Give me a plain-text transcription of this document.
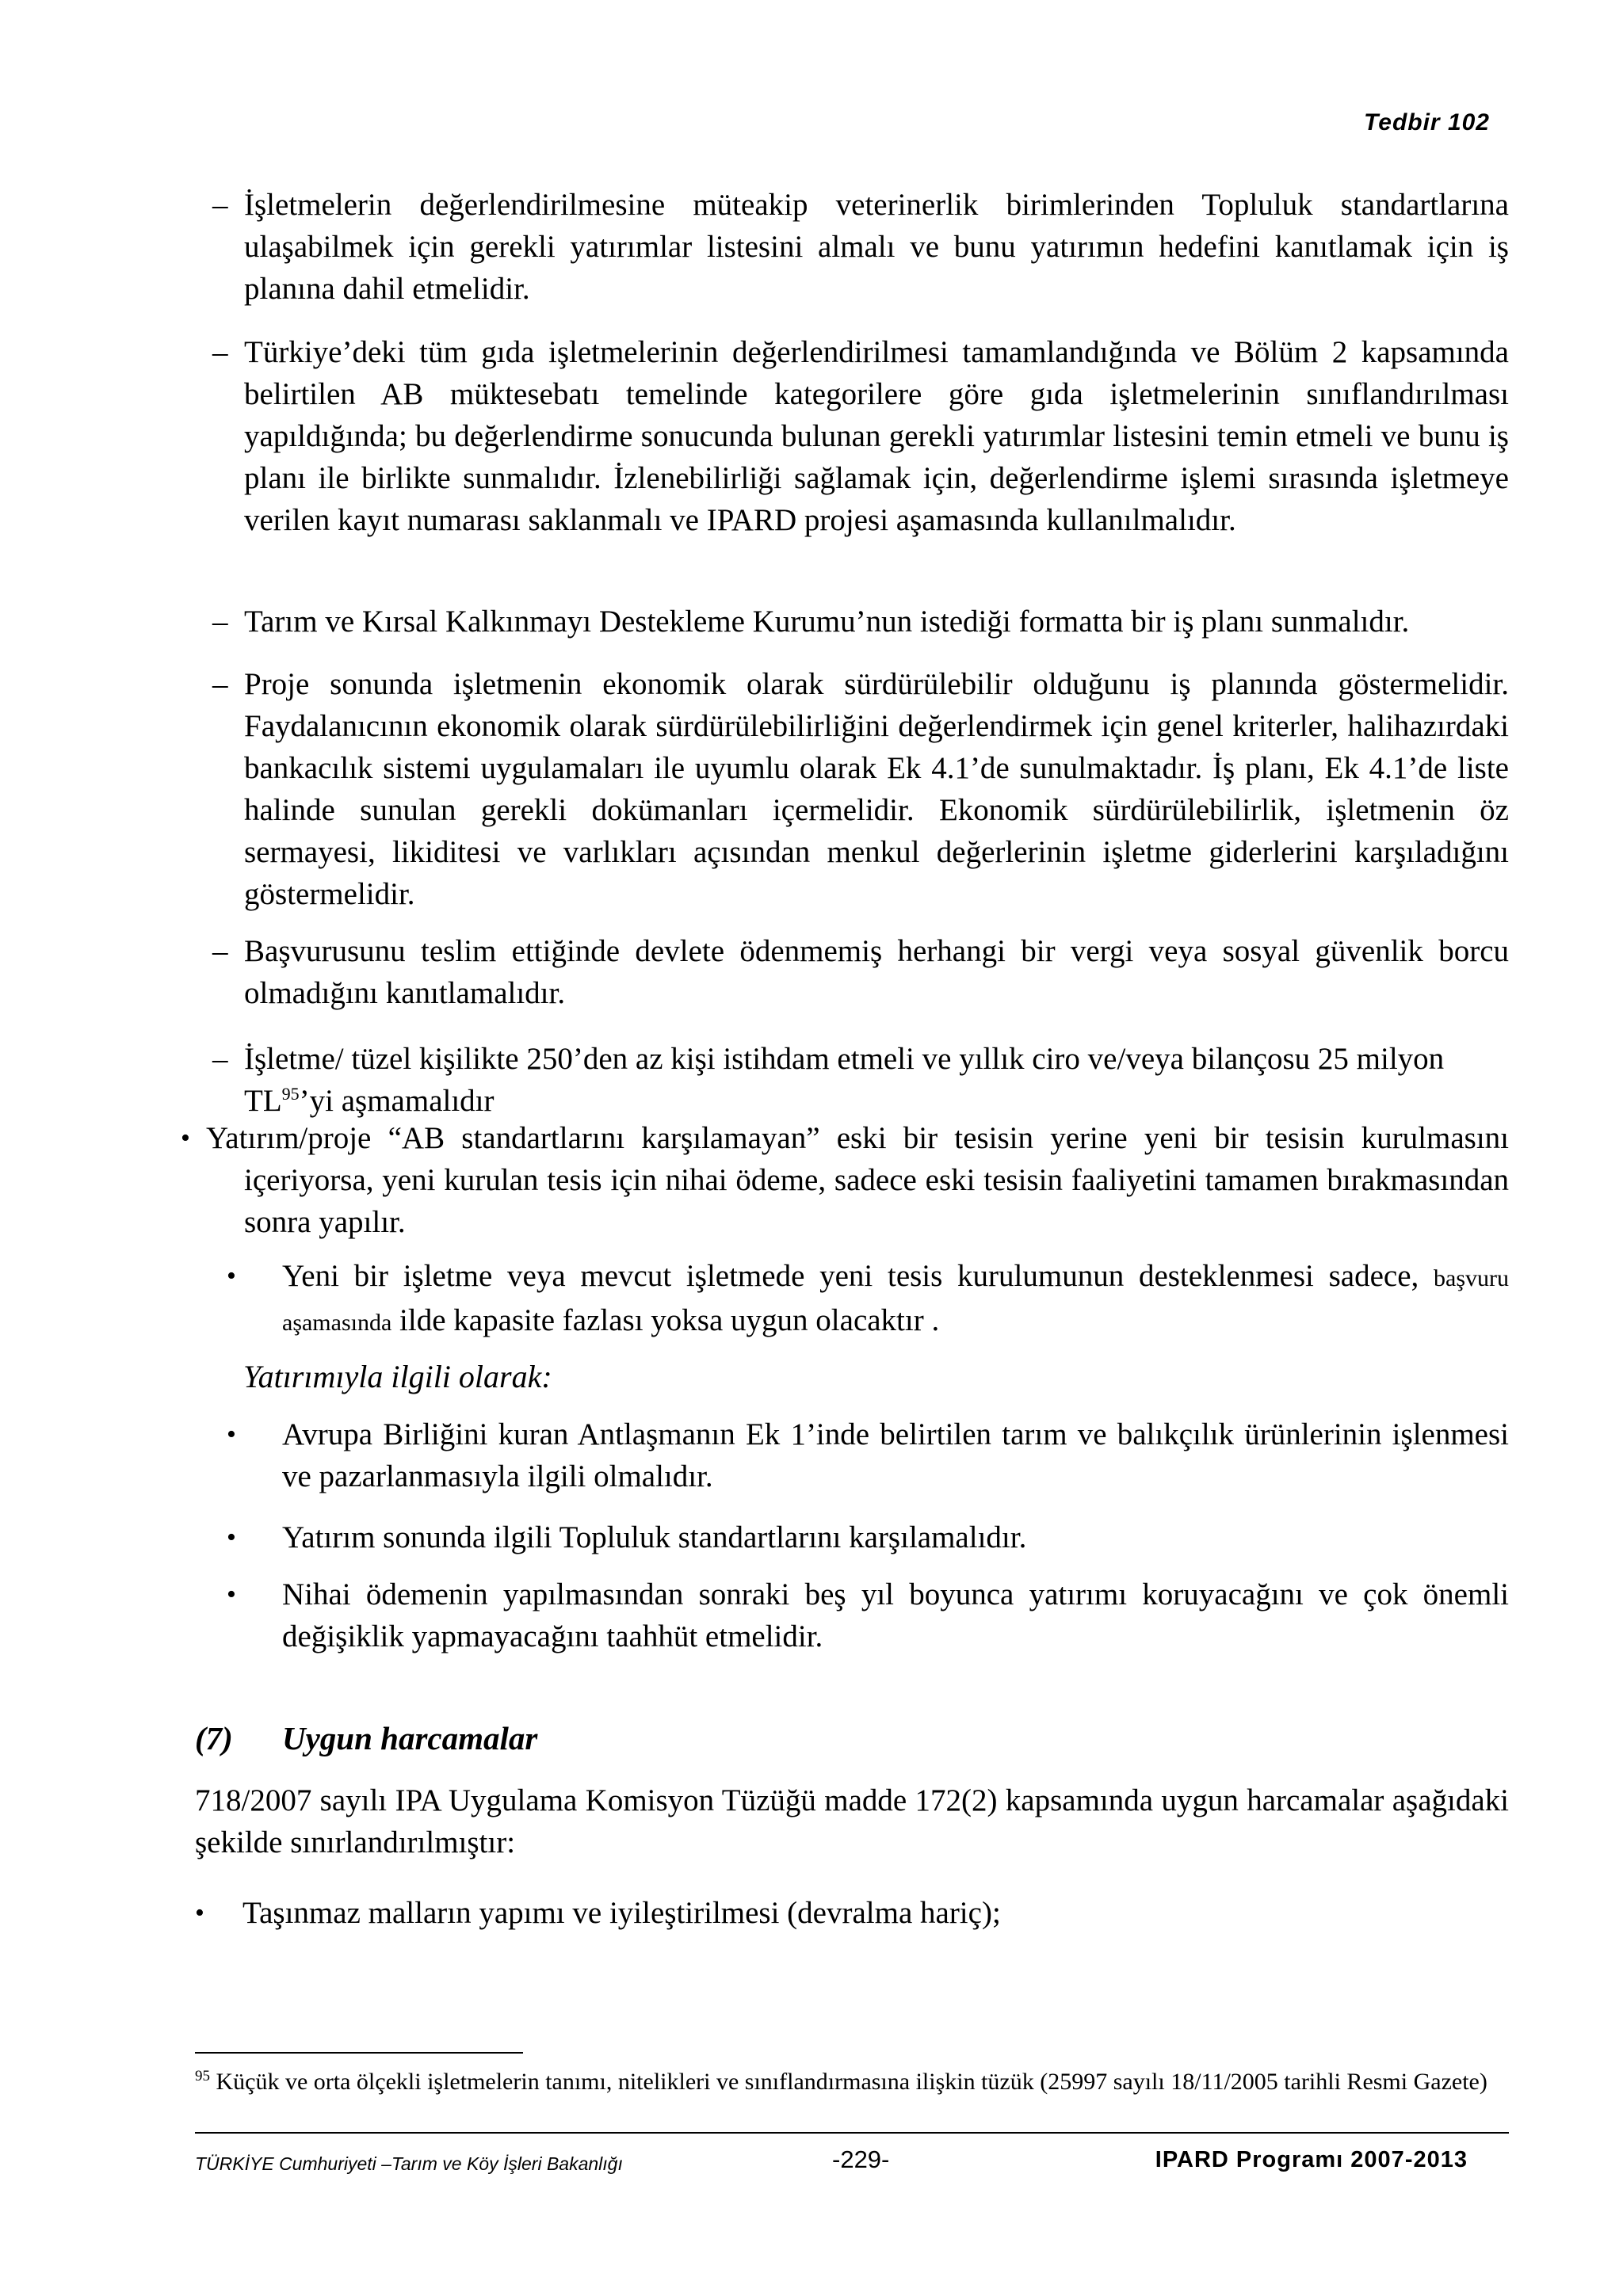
Tedbir 102
– İşletmelerin değerlendirilmesine müteakip veterinerlik birimlerinden Topluluk standartlarına ulaşabilmek için gerekli yatırımlar listesini almalı ve bunu yatırımın hedefini kanıtlamak için iş planına dahil etmelidir.
– Türkiye’deki tüm gıda işletmelerinin değerlendirilmesi tamamlandığında ve Bölüm 2 kapsamında belirtilen AB müktesebatı temelinde kategorilere göre gıda işletmelerinin sınıflandırılması yapıldığında; bu değerlendirme sonucunda bulunan gerekli yatırımlar listesini temin etmeli ve bunu iş planı ile birlikte sunmalıdır. İzlenebilirliği sağlamak için, değerlendirme işlemi sırasında işletmeye verilen kayıt numarası saklanmalı ve IPARD projesi aşamasında kullanılmalıdır.
– Tarım ve Kırsal Kalkınmayı Destekleme Kurumu’nun istediği formatta bir iş planı sunmalıdır.
– Proje sonunda işletmenin ekonomik olarak sürdürülebilir olduğunu iş planında göstermelidir. Faydalanıcının ekonomik olarak sürdürülebilirliğini değerlendirmek için genel kriterler, halihazırdaki bankacılık sistemi uygulamaları ile uyumlu olarak Ek 4.1’de sunulmaktadır. İş planı, Ek 4.1’de liste halinde sunulan gerekli dokümanları içermelidir. Ekonomik sürdürülebilirlik, işletmenin öz sermayesi, likiditesi ve varlıkları açısından menkul değerlerinin işletme giderlerini karşıladığını göstermelidir.
– Başvurusunu teslim ettiğinde devlete ödenmemiş herhangi bir vergi veya sosyal güvenlik borcu olmadığını kanıtlamalıdır.
– İşletme/ tüzel kişilikte 250’den az kişi istihdam etmeli ve yıllık ciro ve/veya bilançosu 25 milyon TL$^{95}$’yi aşmamalıdır
• Yatırım/proje “AB standartlarını karşılamayan” eski bir tesisin yerine yeni bir tesisin kurulmasını içeriyorsa, yeni kurulan tesis için nihai ödeme, sadece eski tesisin faaliyetini tamamen bırakmasından sonra yapılır.
• Yeni bir işletme veya mevcut işletmede yeni tesis kurulumunun desteklenmesi sadece, başvuru aşamasında ilde kapasite fazlası yoksa uygun olacaktır .
Yatırımıyla ilgili olarak:
• Avrupa Birliğini kuran Antlaşmanın Ek 1’inde belirtilen tarım ve balıkçılık ürünlerinin işlenmesi ve pazarlanmasıyla ilgili olmalıdır.
• Yatırım sonunda ilgili Topluluk standartlarını karşılamalıdır.
• Nihai ödemenin yapılmasından sonraki beş yıl boyunca yatırımı koruyacağını ve çok önemli değişiklik yapmayacağını taahhüt etmelidir.
(7) Uygun harcamalar
718/2007 sayılı IPA Uygulama Komisyon Tüzüğü madde 172(2) kapsamında uygun harcamalar aşağıdaki şekilde sınırlandırılmıştır:
• Taşınmaz malların yapımı ve iyileştirilmesi (devralma hariç);
$^{95}$ Küçük ve orta ölçekli işletmelerin tanımı, nitelikleri ve sınıflandırmasına ilişkin tüzük (25997 sayılı 18/11/2005 tarihli Resmi Gazete)
TÜRKİYE Cumhuriyeti –Tarım ve Köy İşleri Bakanlığı	-229-	IPARD Programı 2007-2013
